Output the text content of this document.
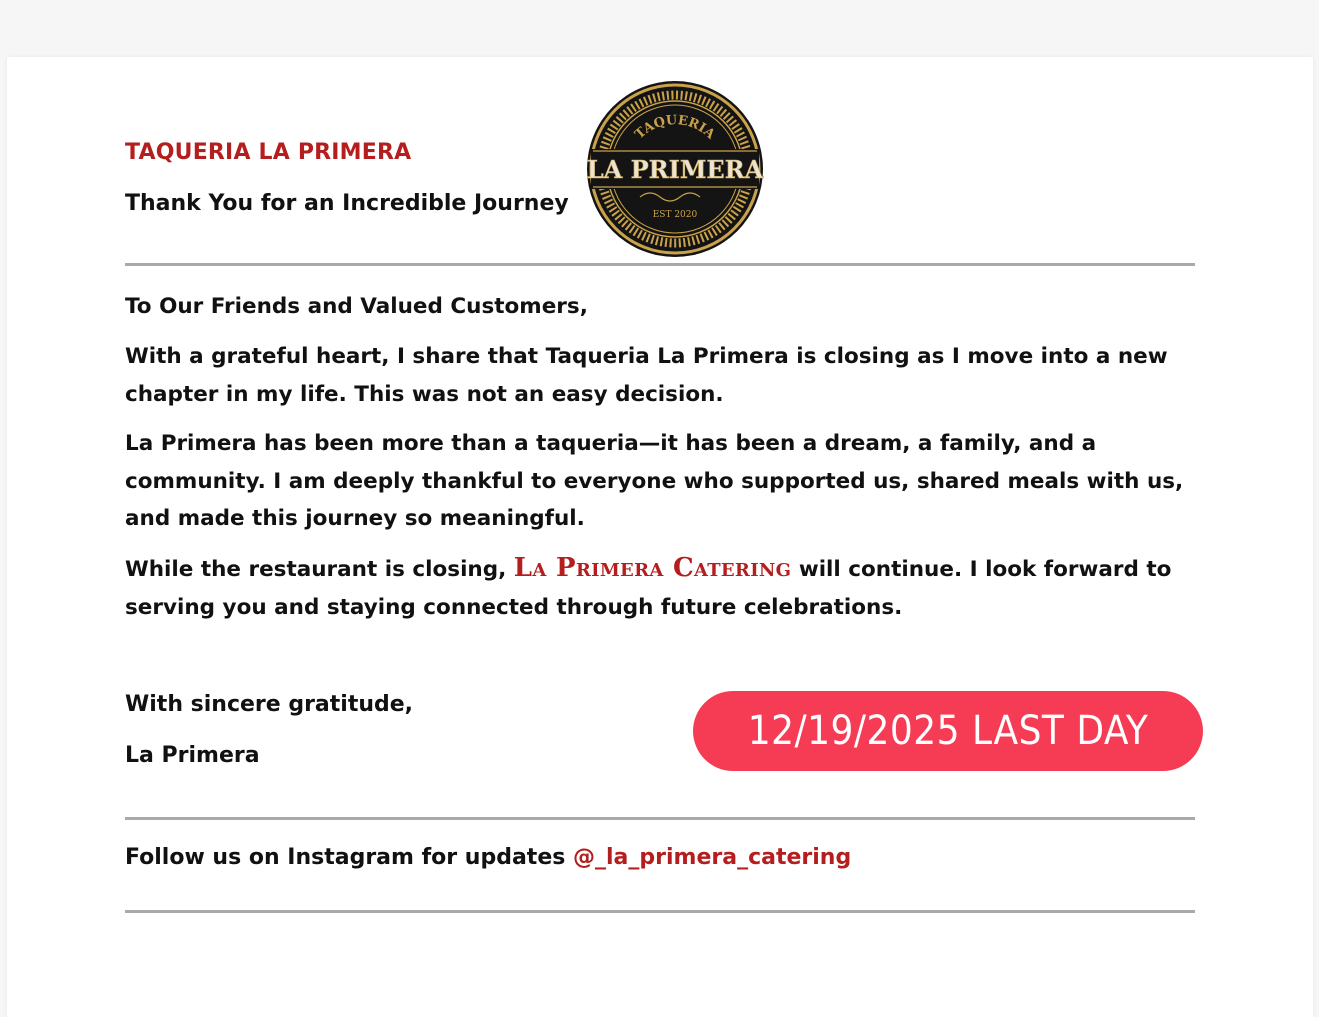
TAQUERIA LA PRIMERA
Thank You for an Incredible Journey
TAQUERIA
LA PRIMERA
EST 2020
To Our Friends and Valued Customers,
With a grateful heart, I share that Taqueria La Primera is closing as I move into a new chapter in my life. This was not an easy decision.
La Primera has been more than a taqueria—it has been a dream, a family, and a community. I am deeply thankful to everyone who supported us, shared meals with us, and made this journey so meaningful.
While the restaurant is closing, La Primera Catering will continue. I look forward to serving you and staying connected through future celebrations.
With sincere gratitude,
La Primera
12/19/2025 LAST DAY
Follow us on Instagram for updates @_la_primera_catering
